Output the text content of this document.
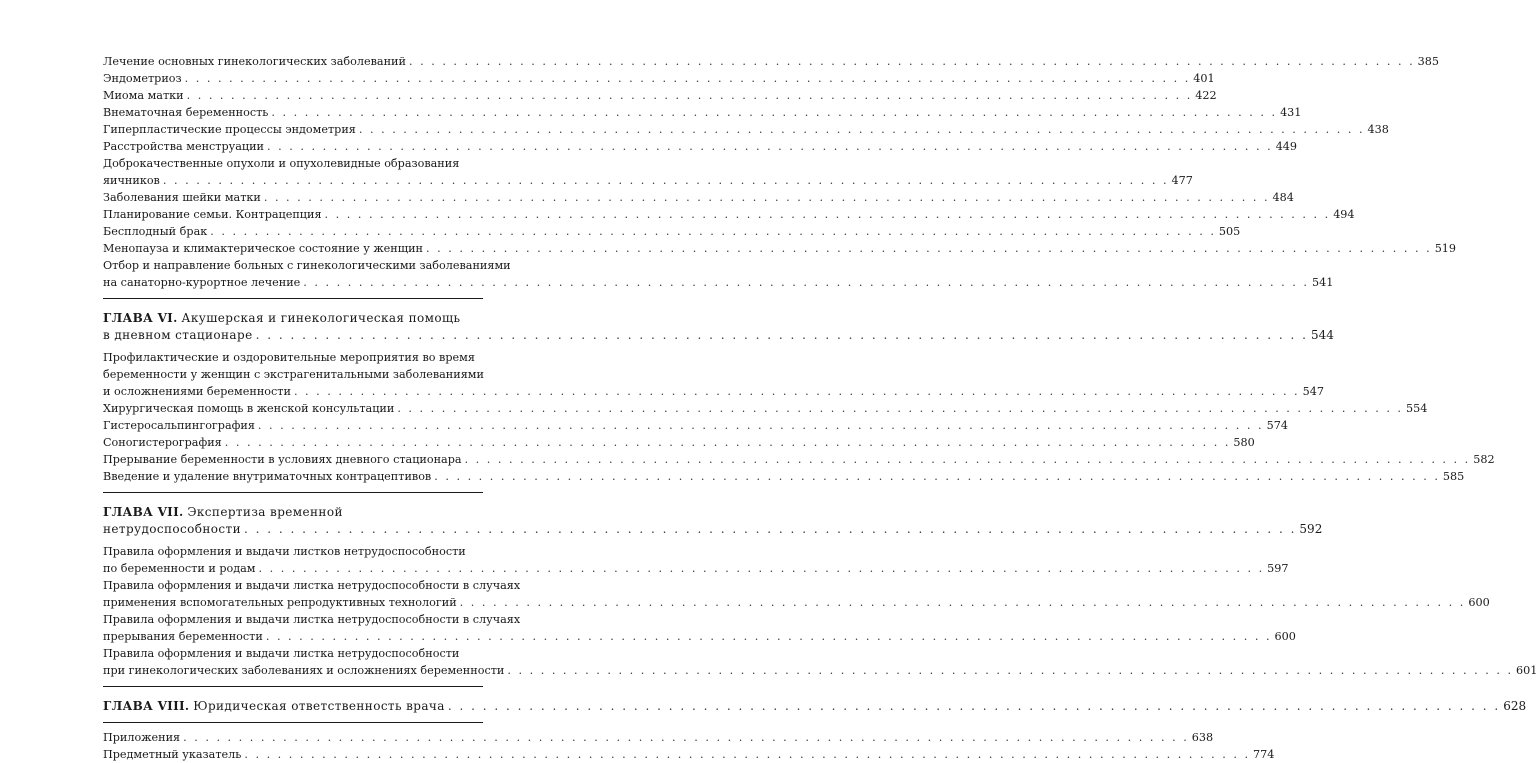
Лечение основных гинекологических заболеваний . . .	385
Эндометриоз . . .	401
Миома матки . . .	422
Внематочная беременность . . .	431
Гиперпластические процессы эндометрия . . .	438
Расстройства менструации . . .	449
Доброкачественные опухоли и опухолевидные образования
яичников . . .	477
Заболевания шейки матки . . .	484
Планирование семьи. Контрацепция . . .	494
Бесплодный брак . . .	505
Менопауза и климактерическое состояние у женщин . . .	519
Отбор и направление больных с гинекологическими заболеваниями
на санаторно-курортное лечение . . .	541
ГЛАВА VI. Акушерская и гинекологическая помощь
в дневном стационаре . . .	544
Профилактические и оздоровительные мероприятия во время
беременности у женщин с экстрагенитальными заболеваниями
и осложнениями беременности . . .	547
Хирургическая помощь в женской консультации . . .	554
Гистеросальпингография . . .	574
Соногистерография . . .	580
Прерывание беременности в условиях дневного стационара . . .	582
Введение и удаление внутриматочных контрацептивов . . .	585
ГЛАВА VII. Экспертиза временной
нетрудоспособности . . .	592
Правила оформления и выдачи листков нетрудоспособности
по беременности и родам . . .	597
Правила оформления и выдачи листка нетрудоспособности в случаях
применения вспомогательных репродуктивных технологий . . .	600
Правила оформления и выдачи листка нетрудоспособности в случаях
прерывания беременности . . .	600
Правила оформления и выдачи листка нетрудоспособности
при гинекологических заболеваниях и осложнениях беременности . . .	601
ГЛАВА VIII. Юридическая ответственность врача . . .	628
Приложения . . .	638
Предметный указатель . . .	774
